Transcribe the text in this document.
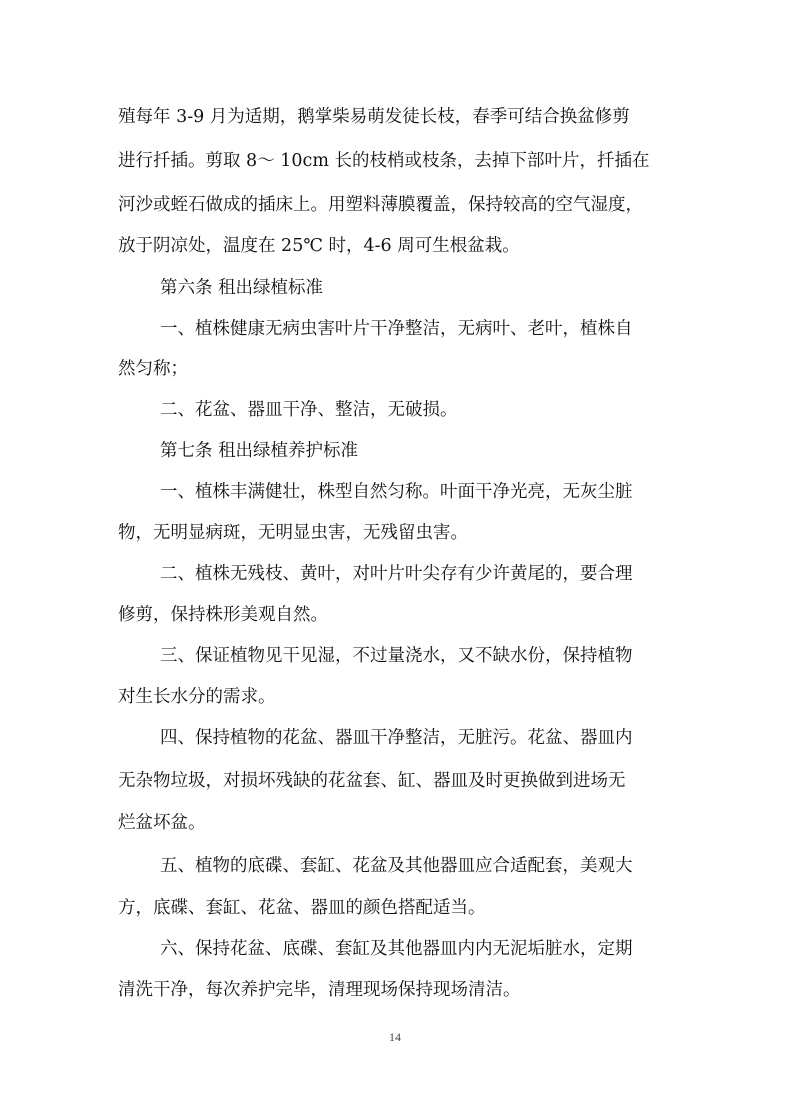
殖每年 3-9 月为适期，鹅掌柴易萌发徒长枝，春季可结合换盆修剪
进行扦插。剪取 8～ 10cm 长的枝梢或枝条，去掉下部叶片，扦插在
河沙或蛭石做成的插床上。用塑料薄膜覆盖，保持较高的空气湿度，
放于阴凉处，温度在 25℃ 时，4-6 周可生根盆栽。
第六条 租出绿植标准
一、植株健康无病虫害叶片干净整洁，无病叶、老叶，植株自
然匀称；
二、花盆、器皿干净、整洁，无破损。
第七条 租出绿植养护标准
一、植株丰满健壮，株型自然匀称。叶面干净光亮，无灰尘脏
物，无明显病斑，无明显虫害，无残留虫害。
二、植株无残枝、黄叶，对叶片叶尖存有少许黄尾的，要合理
修剪，保持株形美观自然。
三、保证植物见干见湿，不过量浇水，又不缺水份，保持植物
对生长水分的需求。
四、保持植物的花盆、器皿干净整洁，无脏污。花盆、器皿内
无杂物垃圾，对损坏残缺的花盆套、缸、器皿及时更换做到进场无
烂盆坏盆。
五、植物的底碟、套缸、花盆及其他器皿应合适配套，美观大
方，底碟、套缸、花盆、器皿的颜色搭配适当。
六、保持花盆、底碟、套缸及其他器皿内内无泥垢脏水，定期
清洗干净，每次养护完毕，清理现场保持现场清洁。
14
